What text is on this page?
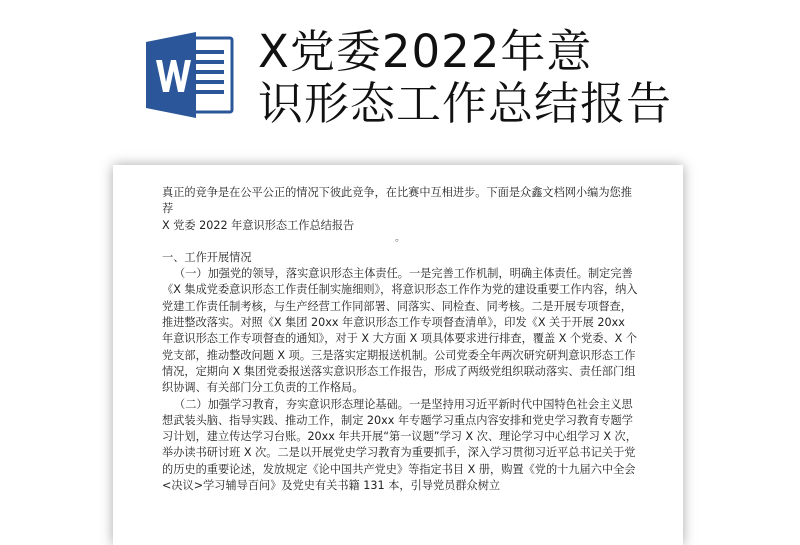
X党委2022年意
识形态工作总结报告

真正的竞争是在公平公正的情况下彼此竞争，在比赛中互相进步。下面是众鑫文档网小编为您推荐

X 党委 2022 年意识形态工作总结报告

。

一、工作开展情况

（一）加强党的领导，落实意识形态主体责任。一是完善工作机制，明确主体责任。制定完善《X 集成党委意识形态工作责任制实施细则》，将意识形态工作作为党的建设重要工作内容，纳入党建工作责任制考核，与生产经营工作同部署、同落实、同检查、同考核。二是开展专项督查，推进整改落实。对照《X 集团 20xx 年意识形态工作专项督查清单》，印发《X 关于开展 20xx 年意识形态工作专项督查的通知》，对于 X 大方面 X 项具体要求进行排查，覆盖 X 个党委、X 个党支部，推动整改问题 X 项。三是落实定期报送机制。公司党委全年两次研究研判意识形态工作情况，定期向 X 集团党委报送落实意识形态工作报告，形成了两级党组织联动落实、责任部门组织协调、有关部门分工负责的工作格局。

（二）加强学习教育，夯实意识形态理论基础。一是坚持用习近平新时代中国特色社会主义思想武装头脑、指导实践、推动工作，制定 20xx 年专题学习重点内容安排和党史学习教育专题学习计划，建立传达学习台账。20xx 年共开展“第一议题”学习 X 次、理论学习中心组学习 X 次，举办读书研讨班 X 次。二是以开展党史学习教育为重要抓手，深入学习贯彻习近平总书记关于党的历史的重要论述，发放规定《论中国共产党史》等指定书目 X 册，购置《党的十九届六中全会<决议>学习辅导百问》及党史有关书籍 131 本，引导党员群众树立
